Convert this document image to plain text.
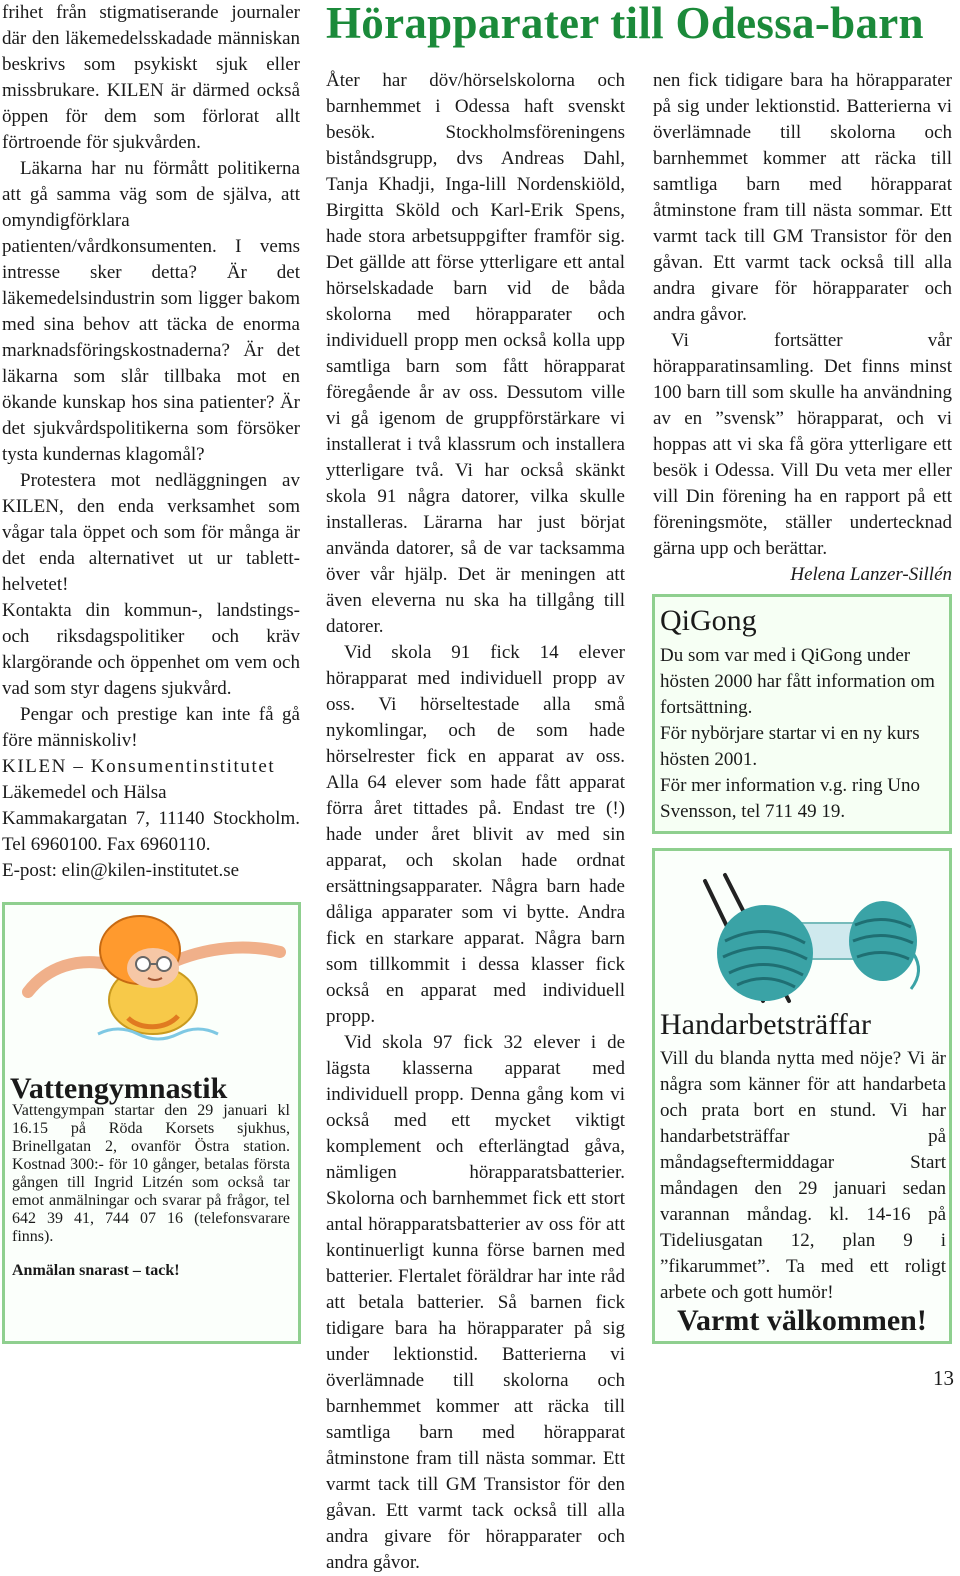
frihet från stigmatiserande journaler där den läkemedelsskadade människan beskrivs som psykiskt sjuk eller missbrukare. KILEN är därmed också öppen för dem som förlorat allt förtroende för sjukvården.

Läkarna har nu förmått politikerna att gå samma väg som de själva, att omyndigförklara patienten/vårdkonsumenten. I vems intresse sker detta? Är det läkemedelsindustrin som ligger bakom med sina behov att täcka de enorma marknadsföringskostnaderna? Är det läkarna som slår tillbaka mot en ökande kunskap hos sina patienter? Är det sjukvårdspolitikerna som försöker tysta kundernas klagomål?

Protestera mot nedläggningen av KILEN, den enda verksamhet som vågar tala öppet och som för många är det enda alternativet ut ur tablett-helvetet!

Kontakta din kommun-, landstings- och riksdagspolitiker och kräv klargörande och öppenhet om vem och vad som styr dagens sjukvård.

Pengar och prestige kan inte få gå före människoliv!

KILEN – Konsumentinstitutet
Läkemedel och Hälsa
Kammakargatan 7, 11140 Stockholm. Tel 6960100. Fax 6960110.
E-post: elin@kilen-institutet.se
Hörapparater till Odessa-barn

Åter har döv/hörselskolorna och barnhemmet i Odessa haft svenskt besök. Stockholmsföreningens biståndsgrupp, dvs Andreas Dahl, Tanja Khadji, Inga-lill Nordenskiöld, Birgitta Sköld och Karl-Erik Spens, hade stora arbetsuppgifter framför sig. Det gällde att förse ytterligare ett antal hörselskadade barn vid de båda skolorna med hörapparater och individuell propp men också kolla upp samtliga barn som fått hörapparat föregående år av oss. Dessutom ville vi gå igenom de gruppförstärkare vi installerat i två klassrum och installera ytterligare två. Vi har också skänkt skola 91 några datorer, vilka skulle installeras. Lärarna har just börjat använda datorer, så de var tacksamma över vår hjälp. Det är meningen att även eleverna nu ska ha tillgång till datorer.

Vid skola 91 fick 14 elever hörapparat med individuell propp av oss. Vi hörseltestade alla små nykomlingar, och de som hade hörselrester fick en apparat av oss. Alla 64 elever som hade fått apparat förra året tittades på. Endast tre (!) hade under året blivit av med sin apparat, och skolan hade ordnat ersättningsapparater. Några barn hade dåliga apparater som vi bytte. Andra fick en starkare apparat. Några barn som tillkommit i dessa klasser fick också en apparat med individuell propp.

Vid skola 97 fick 32 elever i de lägsta klasserna apparat med individuell propp. Denna gång kom vi också med ett mycket viktigt komplement och efterlängtad gåva, nämligen hörapparatsbatterier. Skolorna och barnhemmet fick ett stort antal hörapparatsbatterier av oss för att kontinuerligt kunna förse barnen med batterier. Flertalet föräldrar har inte råd att betala batterier. Så barnen fick tidigare bara ha hörapparater på sig under lektionstid. Batterierna vi överlämnade till skolorna och barnhemmet kommer att räcka till samtliga barn med hörapparat åtminstone fram till nästa sommar. Ett varmt tack till GM Transistor för den gåvan. Ett varmt tack också till alla andra givare för hörapparater och andra gåvor.

nen fick tidigare bara ha hörapparater på sig under lektionstid. Batterierna vi överlämnade till skolorna och barnhemmet kommer att räcka till samtliga barn med hörapparat åtminstone fram till nästa sommar. Ett varmt tack till GM Transistor för den gåvan. Ett varmt tack också till alla andra givare för hörapparater och andra gåvor.

Vi fortsätter vår hörapparatinsamling. Det finns minst 100 barn till som skulle ha användning av en ”svensk” hörapparat, och vi hoppas att vi ska få göra ytterligare ett besök i Odessa. Vill Du veta mer eller vill Din förening ha en rapport på ett föreningsmöte, ställer undertecknad gärna upp och berättar.

Helena Lanzer-Sillén
Vattengymnastik

Vattengympan startar den 29 januari kl 16.15 på Röda Korsets sjukhus, Brinellgatan 2, ovanför Östra station. Kostnad 300:- för 10 gånger, betalas första gången till Ingrid Litzén som också tar emot anmälningar och svarar på frågor, tel 642 39 41, 744 07 16 (telefonsvarare finns).

Anmälan snarast – tack!
QiGong

Du som var med i QiGong under hösten 2000 har fått information om fortsättning.

För nybörjare startar vi en ny kurs hösten 2001.

För mer information v.g. ring Uno Svensson, tel 711 49 19.

Handarbetsträffar
Vill du blanda nytta med nöje? Vi är några som känner för att handarbeta och prata bort en stund. Vi har handarbetsträffar på måndagseftermiddagar Start måndagen den 29 januari sedan varannan måndag. kl. 14-16 på Tideliusgatan 12, plan 9 i ”fikarummet”. Ta med ett roligt arbete och gott humör!
Varmt välkommen!
13
